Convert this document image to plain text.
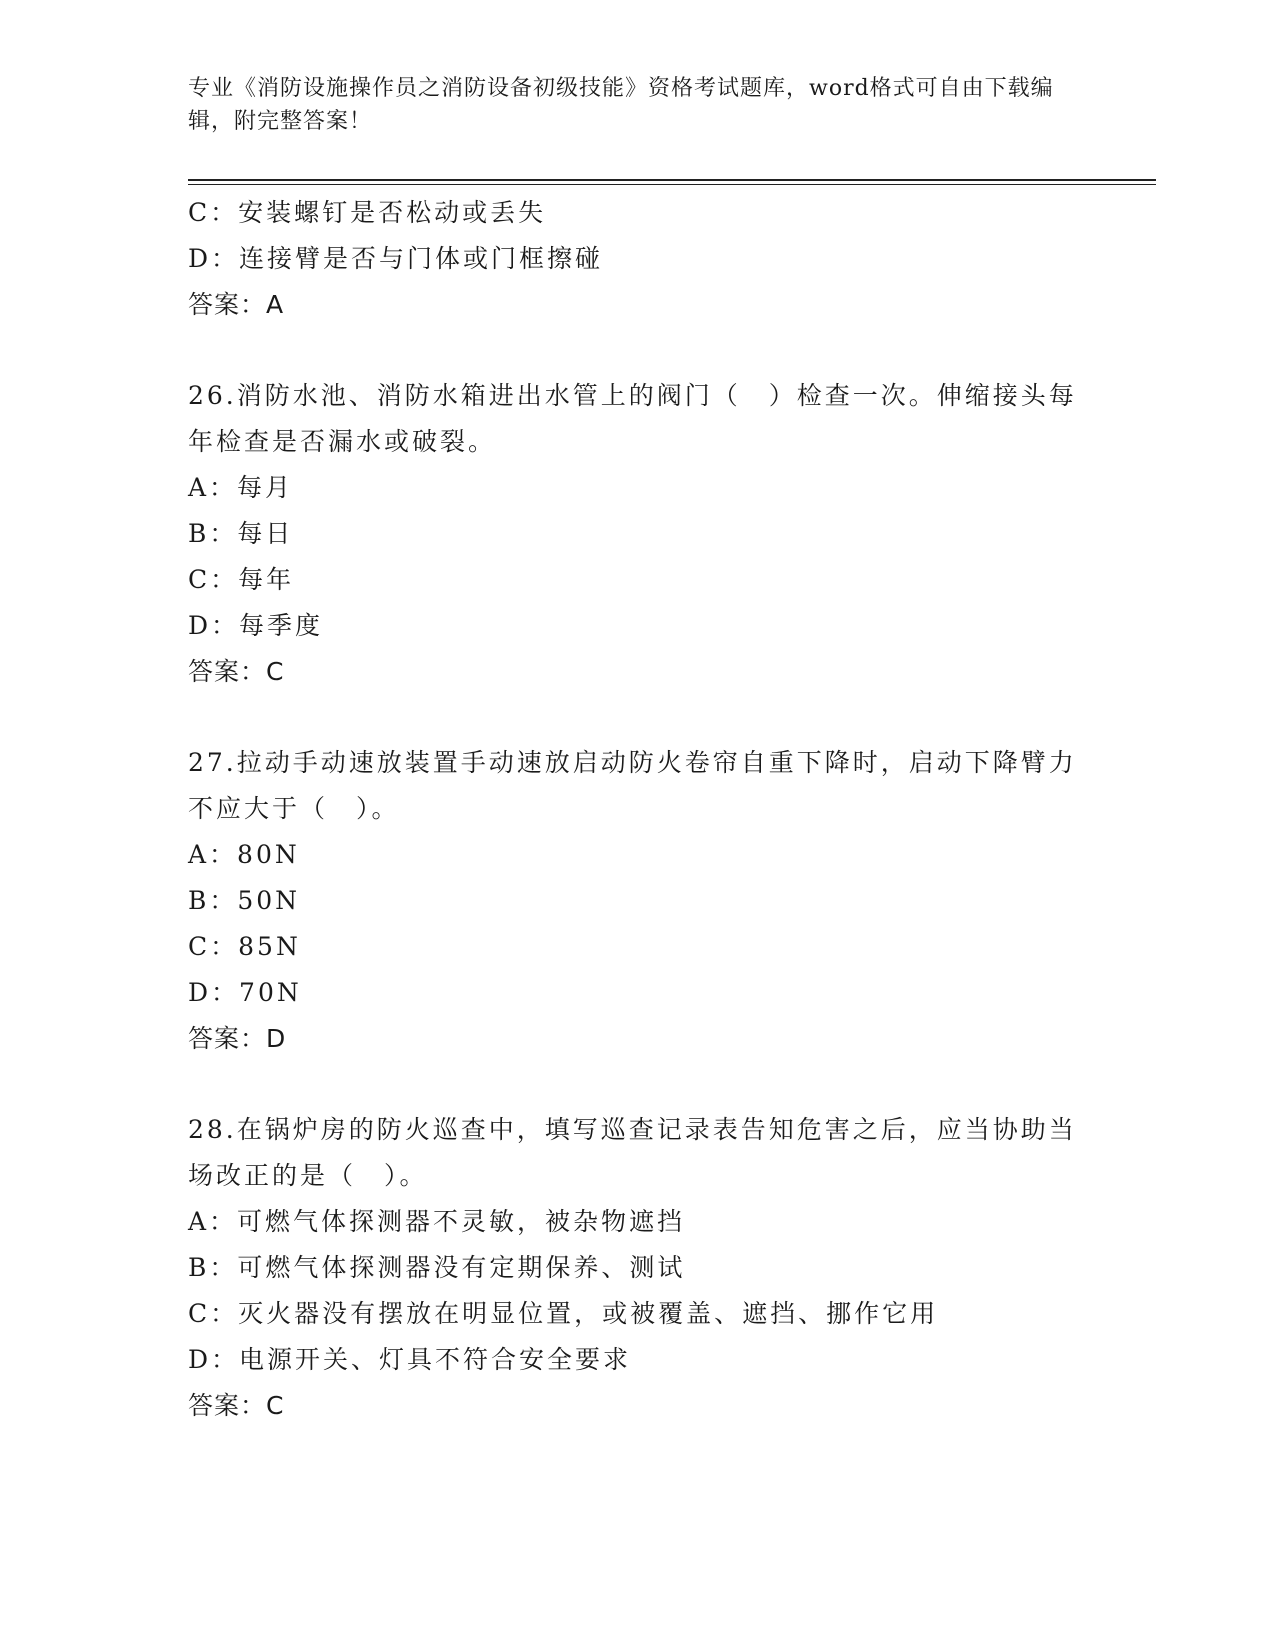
专业《消防设施操作员之消防设备初级技能》资格考试题库，word格式可自由下载编辑，附完整答案！
C：安装螺钉是否松动或丢失
D：连接臂是否与门体或门框擦碰
答案：A
26.消防水池、消防水箱进出水管上的阀门（　）检查一次。伸缩接头每年检查是否漏水或破裂。
A：每月
B：每日
C：每年
D：每季度
答案：C
27.拉动手动速放装置手动速放启动防火卷帘自重下降时，启动下降臂力不应大于（　）。
A：80N
B：50N
C：85N
D：70N
答案：D
28.在锅炉房的防火巡查中，填写巡查记录表告知危害之后，应当协助当场改正的是（　）。
A：可燃气体探测器不灵敏，被杂物遮挡
B：可燃气体探测器没有定期保养、测试
C：灭火器没有摆放在明显位置，或被覆盖、遮挡、挪作它用
D：电源开关、灯具不符合安全要求
答案：C
